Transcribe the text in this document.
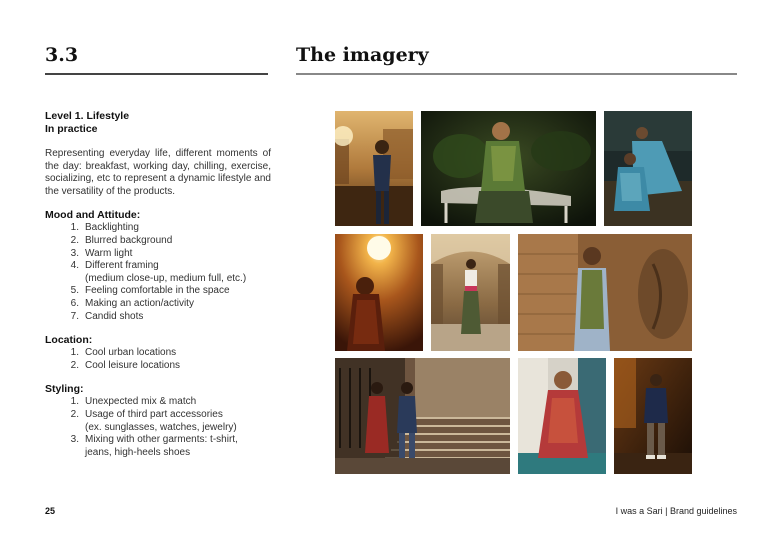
3.3	The imagery
Level 1. Lifestyle
In practice
Representing everyday life, different moments of the day: breakfast, working day, chilling, exercise, socializing, etc to represent a dynamic lifestyle and the versatility of the products.
Mood and Attitude:
1. Backlighting
2. Blurred background
3. Warm light
4. Different framing
(medium close-up, medium full, etc.)
5. Feeling comfortable in the space
6. Making an action/activity
7. Candid shots
Location:
1. Cool urban locations
2. Cool leisure locations
Styling:
1. Unexpected mix & match
2. Usage of third part accessories
(ex. sunglasses, watches, jewelry)
3. Mixing with other garments: t-shirt,
jeans, high-heels shoes
25	I was a Sari | Brand guidelines
